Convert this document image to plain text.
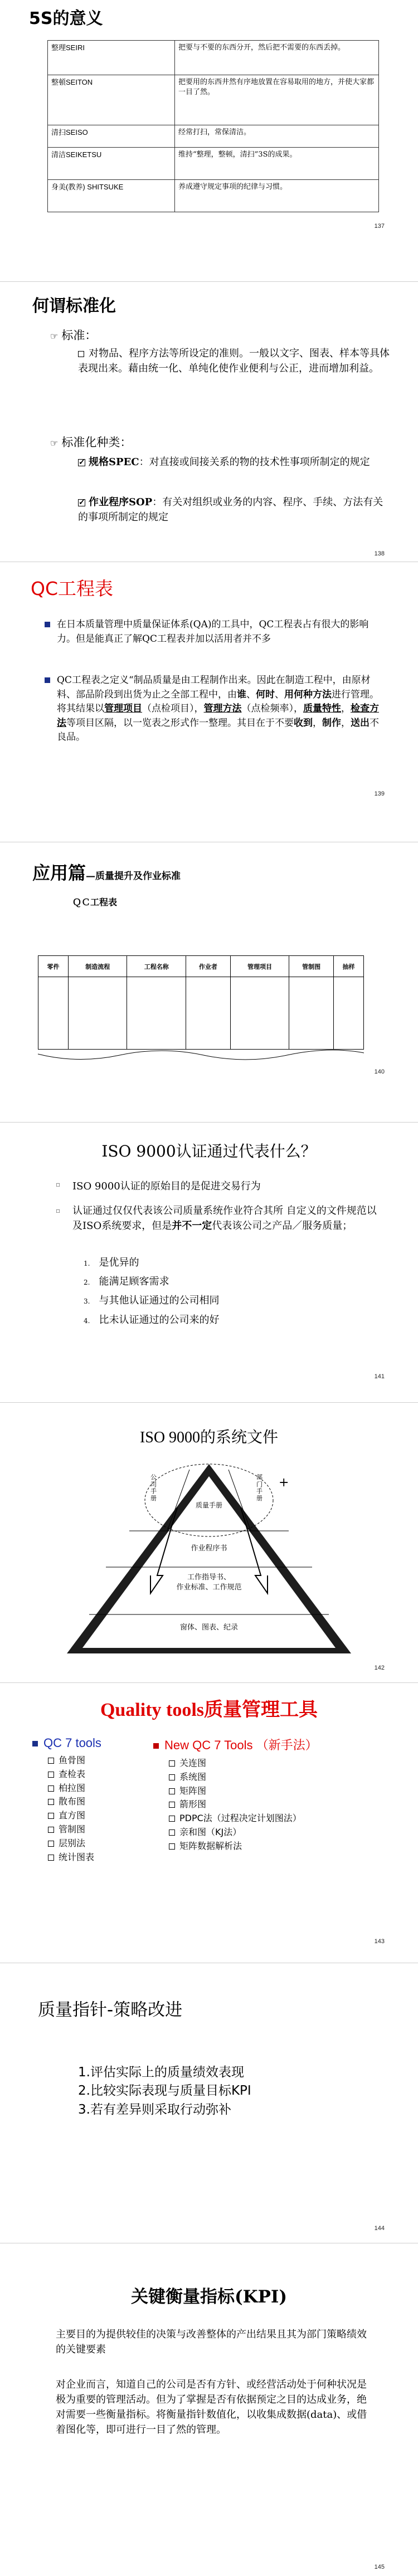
5S的意义
整理SEIRI	把要与不要的东西分开，然后把不需要的东西丢掉。
整頓SEITON	把要用的东西井然有序地放置在容易取用的地方，并使大家都一目了然。
清扫SEISO	经常打扫，常保清洁。
清洁SEIKETSU	维持“整理，整顿，清扫”3S的成果。
身美(教养) SHITSUKE	养成遵守规定事项的纪律与习惯。
137
何谓标准化
☞ 标准：
对物品、程序方法等所设定的准则。一般以文字、图表、样本等具体表现出来。藉由统一化、单纯化使作业便利与公正，进而增加利益。
☞ 标准化种类：
✓规格SPEC：对直接或间接关系的物的技术性事项所制定的规定
✓作业程序SOP：有关对组织或业务的内容、程序、手续、方法有关的事项所制定的规定
138
QC工程表
在日本质量管理中质量保证体系(QA)的工具中，QC工程表占有很大的影响力。但是能真正了解QC工程表并加以活用者并不多
QC工程表之定义“制品质量是由工程制作出来。因此在制造工程中，由原材料、部品阶段到出货为止之全部工程中，由谁、何时、用何种方法进行管理。将其结果以管理项目（点检项目），管理方法（点检频率），质量特性，检查方法等项目区隔，以一览表之形式作一整理。其目在于不要收到，制作，送出不良品。
139
应用篇—质量提升及作业标准
ＱＣ工程表
零件	制造流程	工程名称	作业者	管理项目	管制图	抽样

140
ISO 9000认证通过代表什么？
▫ ISO 9000认证的原始目的是促进交易行为
▫ 认证通过仅仅代表该公司质量系统作业符合其所 自定义的文件规范以及ISO系统要求，但是并不一定代表该公司之产品／服务质量；
1. 是优异的
2. 能满足顾客需求
3. 与其他认证通过的公司相同
4. 比未认证通过的公司来的好
141
ISO 9000的系统文件
+
公司手册
部门手册
质量手册
作业程序书
工作指导书、
作业标准、工作规范
窗体、图表、纪录
142
Quality tools质量管理工具
QC 7 tools
鱼骨图
查检表
柏拉图
散布图
直方图
管制图
层别法
统计图表
New QC 7 Tools （新手法）
关连图
系统图
矩阵图
箭形图
PDPC法（过程决定计划图法）
亲和图（KJ法）
矩阵数据解析法
143
质量指针-策略改进
1.评估实际上的质量绩效表现
2.比较实际表现与质量目标KPI
3.若有差异则采取行动弥补
144
关键衡量指标(KPI)
主要目的为提供较佳的决策与改善整体的产出结果且其为部门策略绩效的关键要素
对企业而言，知道自己的公司是否有方针、或经营活动处于何种状况是极为重要的管理活动。但为了掌握是否有依据预定之目的达成业务，绝对需要一些衡量指标。将衡量指针数值化，以收集成数据(data)、或借着图化等，即可进行一目了然的管理。
145
